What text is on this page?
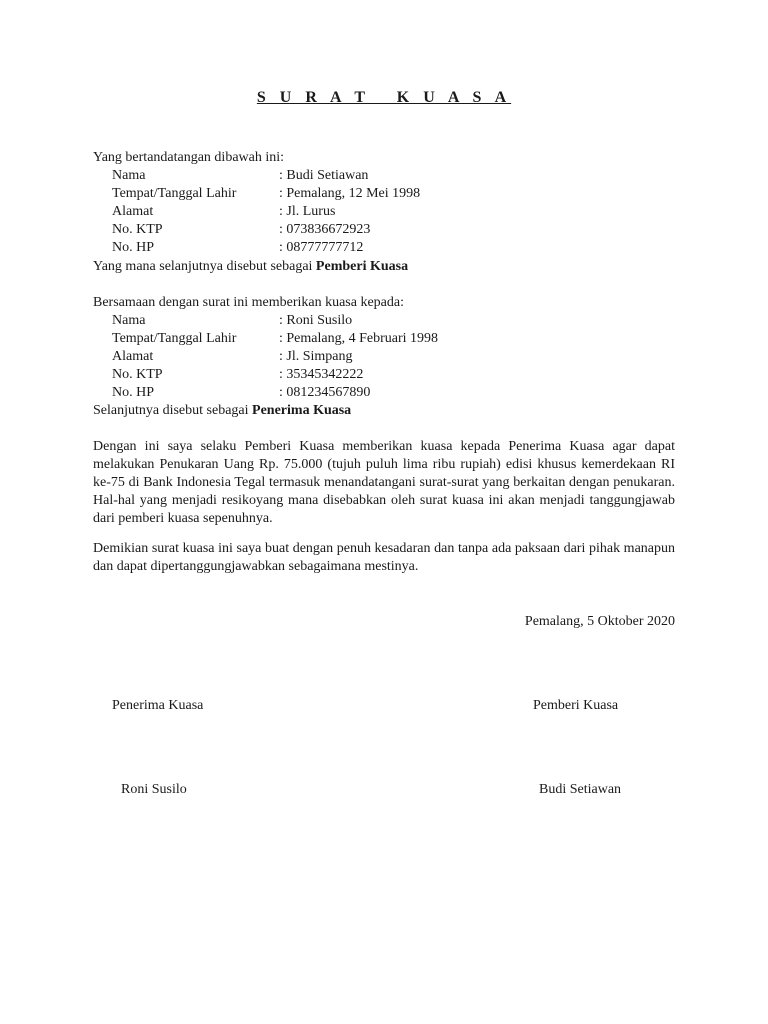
S U R A T   K U A S A
Yang bertandatangan dibawah ini:
Nama	: Budi Setiawan
Tempat/Tanggal Lahir	: Pemalang, 12 Mei 1998
Alamat	: Jl. Lurus
No. KTP	: 073836672923
No. HP	: 08777777712
Yang mana selanjutnya disebut sebagai Pemberi Kuasa
Bersamaan dengan surat ini memberikan kuasa kepada:
Nama	: Roni Susilo
Tempat/Tanggal Lahir	: Pemalang, 4 Februari 1998
Alamat	: Jl. Simpang
No. KTP	: 35345342222
No. HP	: 081234567890
Selanjutnya disebut sebagai Penerima Kuasa
Dengan ini saya selaku Pemberi Kuasa memberikan kuasa kepada Penerima Kuasa agar dapat melakukan Penukaran Uang Rp. 75.000 (tujuh puluh lima ribu rupiah) edisi khusus kemerdekaan RI ke-75 di Bank Indonesia Tegal termasuk menandatangani surat-surat yang berkaitan dengan penukaran. Hal-hal yang menjadi resikoyang mana disebabkan oleh surat kuasa ini akan menjadi tanggungjawab dari pemberi kuasa sepenuhnya.
Demikian surat kuasa ini saya buat dengan penuh kesadaran dan tanpa ada paksaan dari pihak manapun dan dapat dipertanggungjawabkan sebagaimana mestinya.
Pemalang, 5 Oktober 2020
Penerima Kuasa	Pemberi Kuasa
Roni Susilo	Budi Setiawan
